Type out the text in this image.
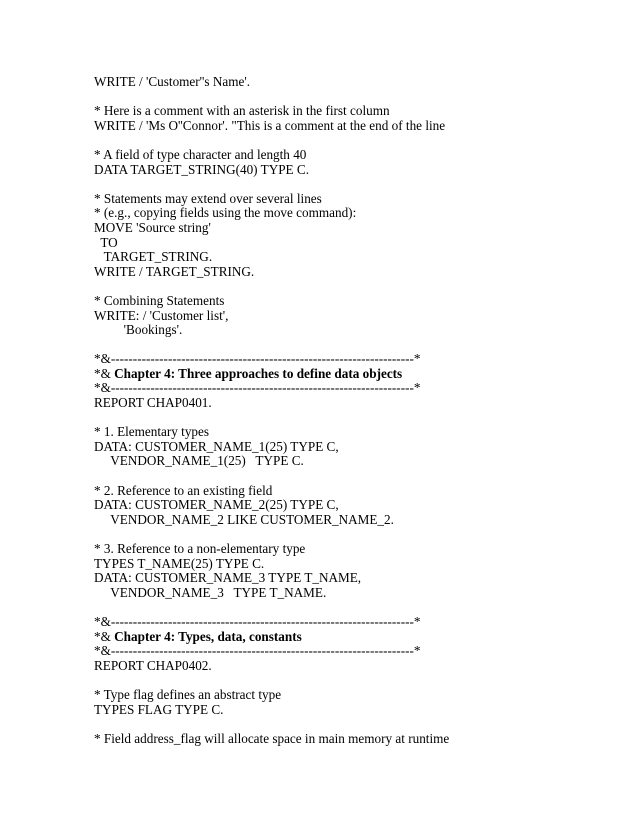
WRITE / 'Customer''s Name'.
* Here is a comment with an asterisk in the first column
WRITE / 'Ms O''Connor'. "This is a comment at the end of the line
* A field of type character and length 40
DATA TARGET_STRING(40) TYPE C.
* Statements may extend over several lines
* (e.g., copying fields using the move command):
MOVE 'Source string'
TO
TARGET_STRING.
WRITE / TARGET_STRING.
* Combining Statements
WRITE: / 'Customer list',
'Bookings'.
*&---------------------------------------------------------------------*
*& Chapter 4: Three approaches to define data objects
*&---------------------------------------------------------------------*
REPORT CHAP0401.
* 1. Elementary types
DATA: CUSTOMER_NAME_1(25) TYPE C,
VENDOR_NAME_1(25)   TYPE C.
* 2. Reference to an existing field
DATA: CUSTOMER_NAME_2(25) TYPE C,
VENDOR_NAME_2 LIKE CUSTOMER_NAME_2.
* 3. Reference to a non-elementary type
TYPES T_NAME(25) TYPE C.
DATA: CUSTOMER_NAME_3 TYPE T_NAME,
VENDOR_NAME_3   TYPE T_NAME.
*&---------------------------------------------------------------------*
*& Chapter 4: Types, data, constants
*&---------------------------------------------------------------------*
REPORT CHAP0402.
* Type flag defines an abstract type
TYPES FLAG TYPE C.
* Field address_flag will allocate space in main memory at runtime
